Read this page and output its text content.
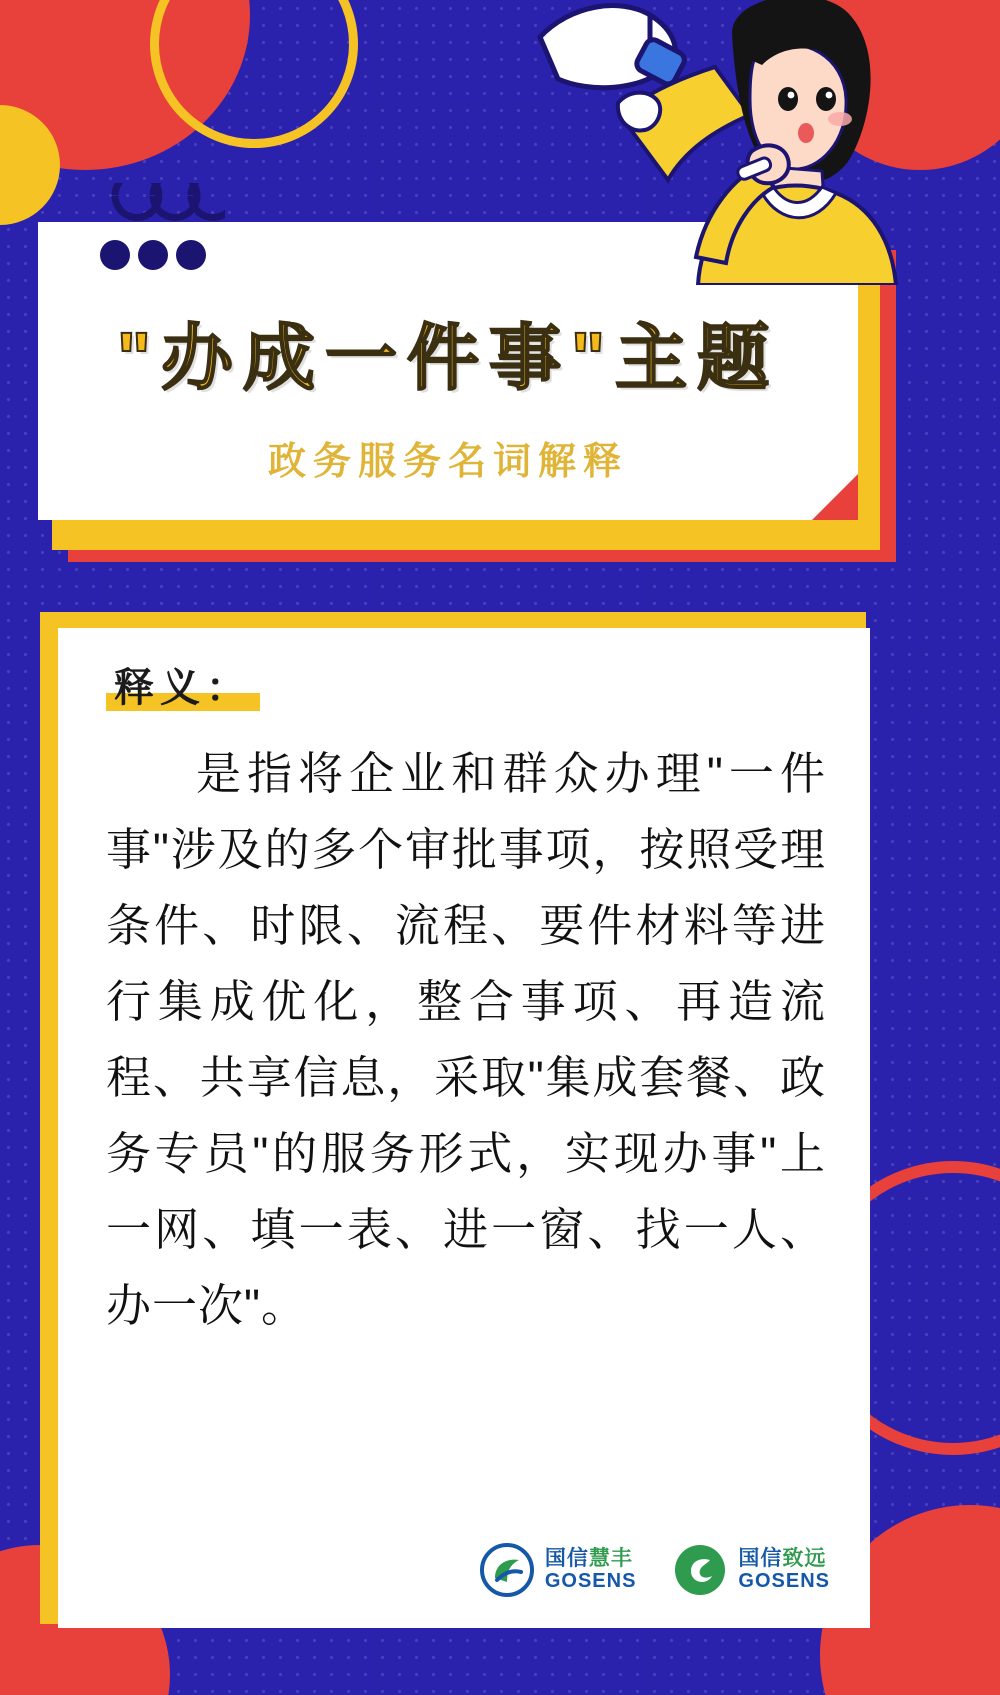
"办成一件事"主题
政务服务名词解释
释义：
是指将企业和群众办理"一件事"涉及的多个审批事项，按照受理条件、时限、流程、要件材料等进行集成优化，整合事项、再造流程、共享信息，采取"集成套餐、政务专员"的服务形式，实现办事"上一网、填一表、进一窗、找一人、办一次"。
国信慧丰
GOSENS
国信致远
GOSENS
